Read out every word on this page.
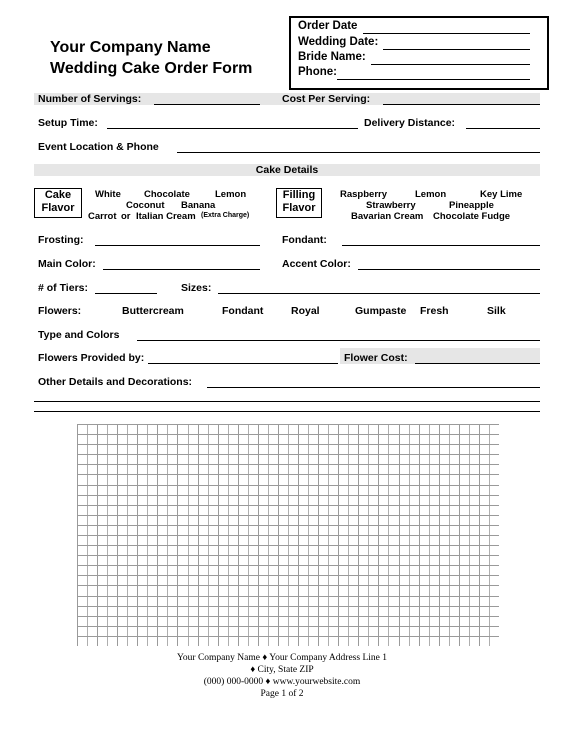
Your Company Name
Wedding Cake Order Form
Order Date
Wedding Date:
Bride Name:
Phone:
Number of Servings:	Cost Per Serving:
Setup Time:	Delivery Distance:
Event Location & Phone
Cake Details
Cake
Flavor
White Chocolate	Lemon
Coconut Banana
Carrot or Italian Cream (Extra Charge)
Filling
Flavor
Raspberry	Lemon	Key Lime
Strawberry	Pineapple
Bavarian Cream Chocolate Fudge
Frosting:	Fondant:
Main Color:	Accent Color:
# of Tiers:	Sizes:
Flowers:	Buttercream	Fondant	Royal	Gumpaste Fresh	Silk
Type and Colors
Flowers Provided by:	Flower Cost:
Other Details and Decorations:
Your Company Name ♦ Your Company Address Line 1
♦ City, State ZIP
(000) 000-0000 ♦ www.yourwebsite.com
Page 1 of 2
